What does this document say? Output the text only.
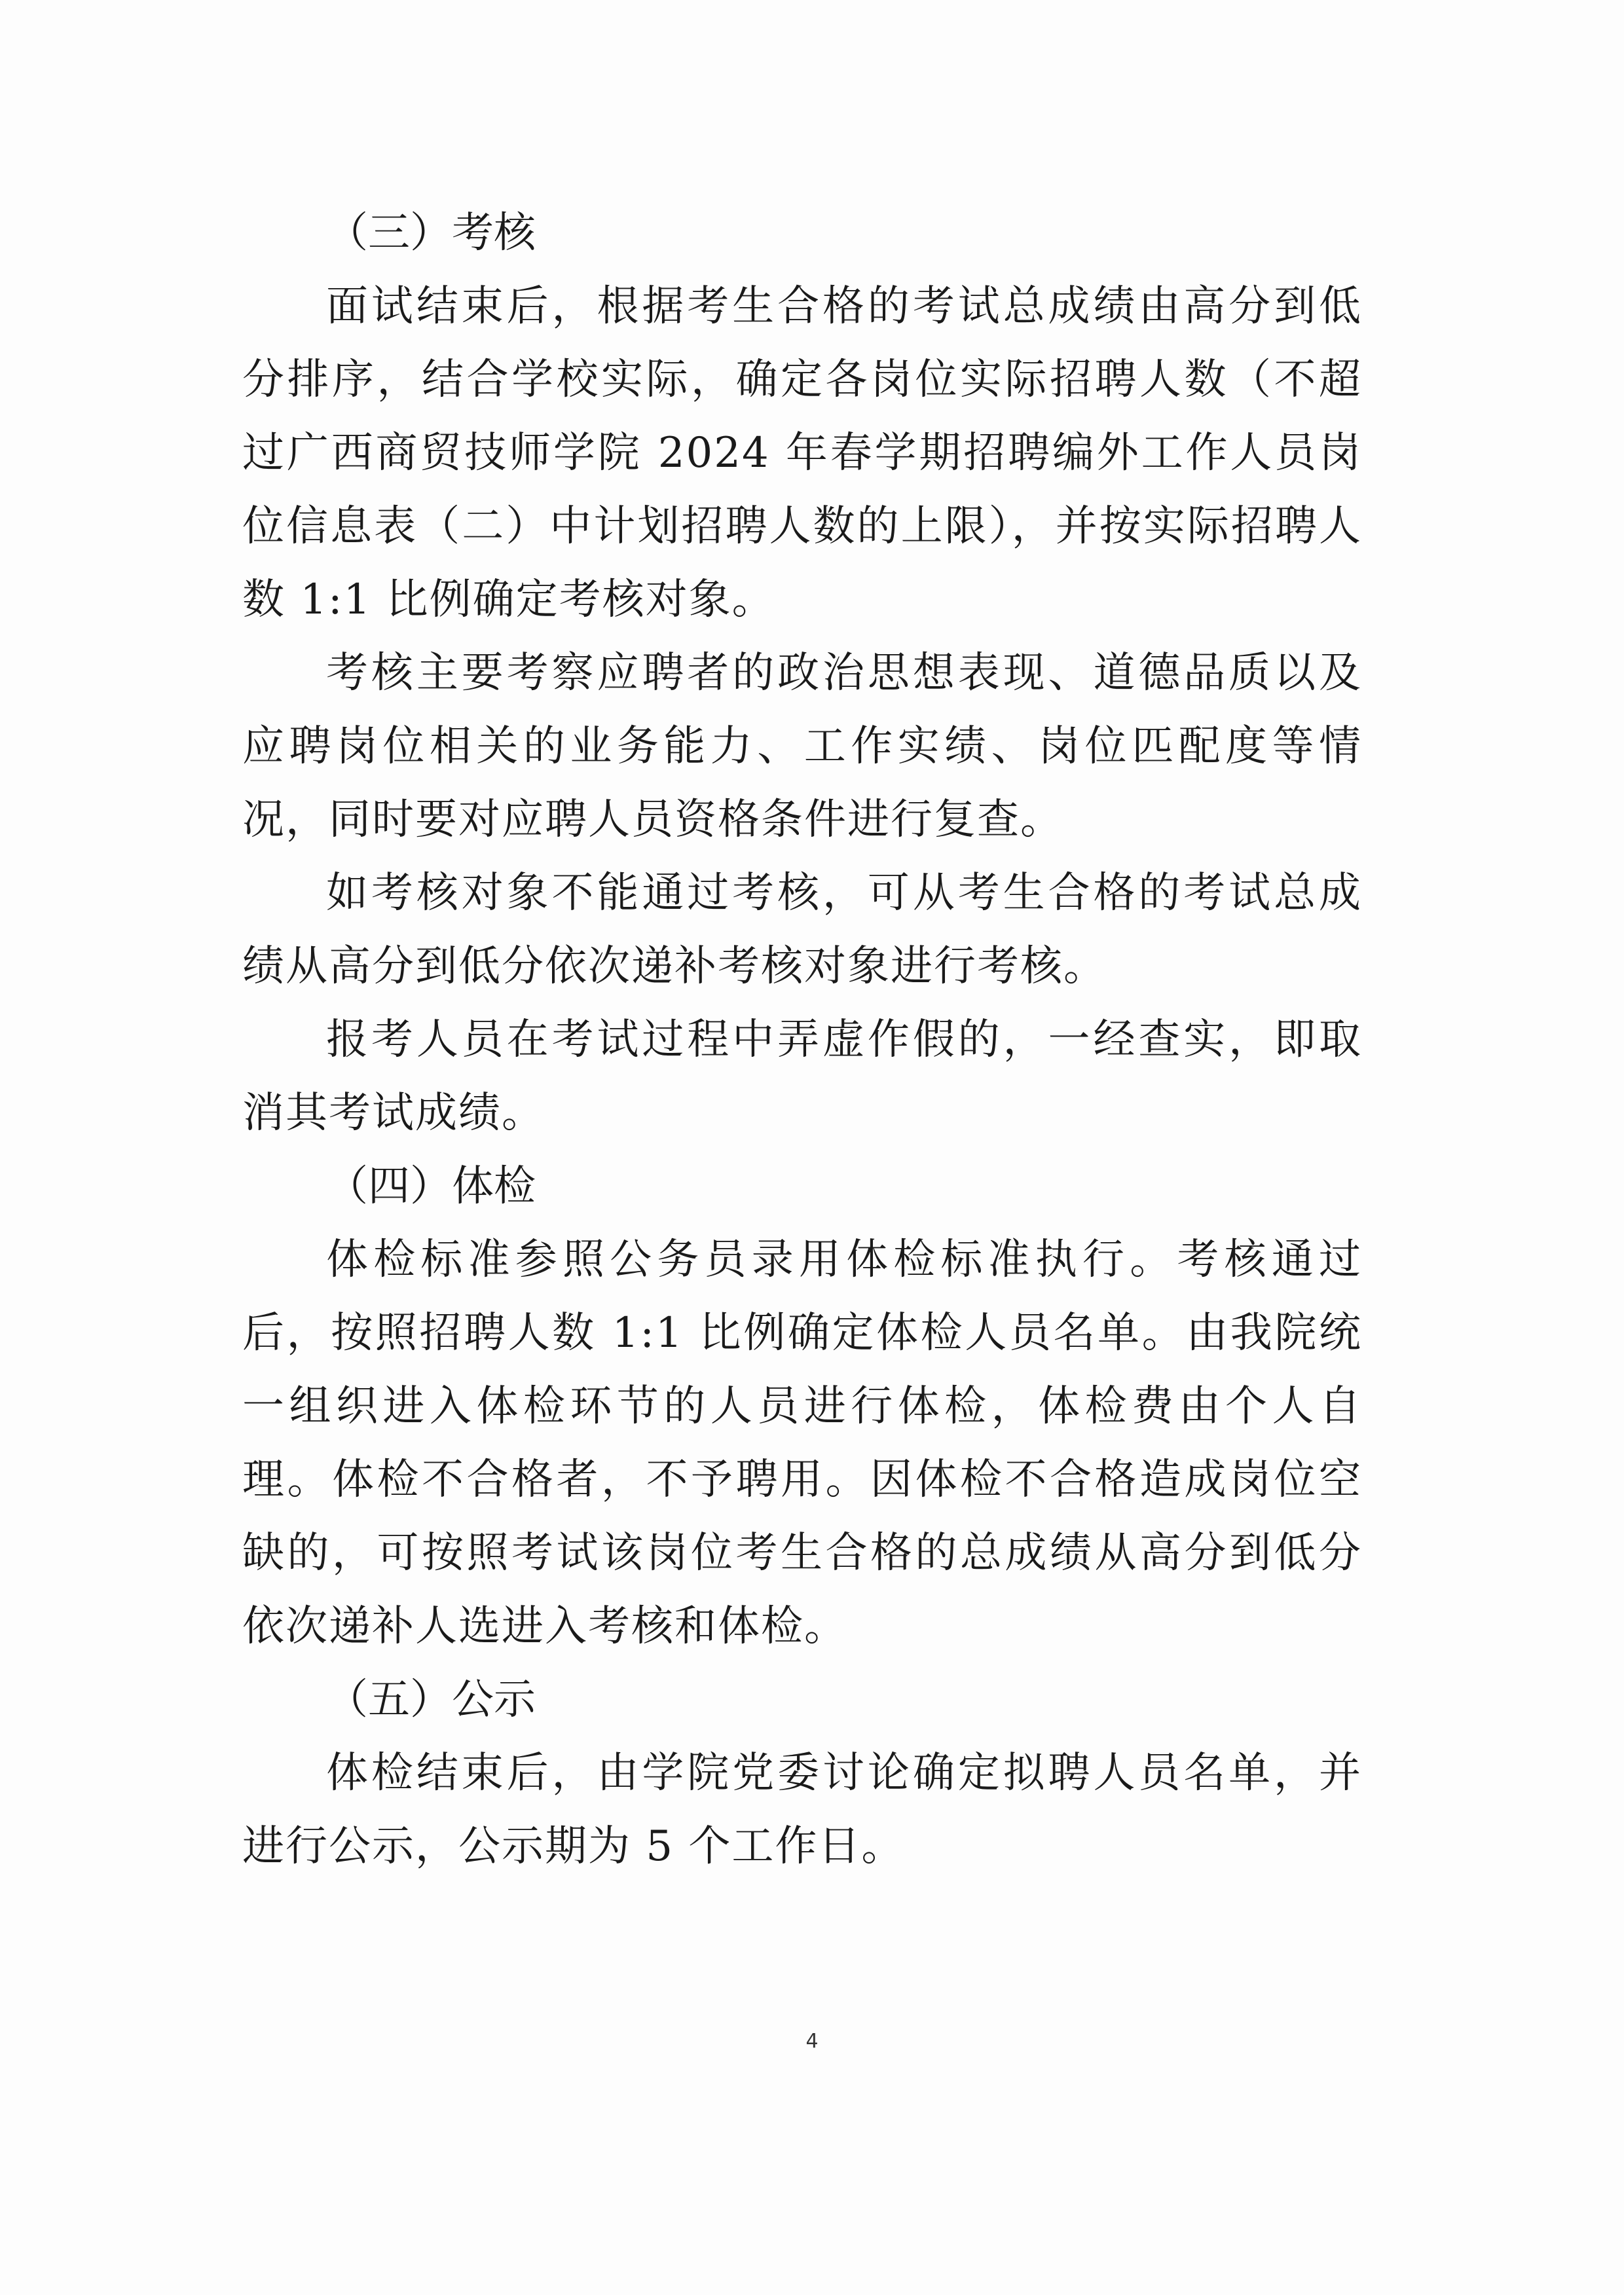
（三）考核

面试结束后，根据考生合格的考试总成绩由高分到低分排序，结合学校实际，确定各岗位实际招聘人数（不超过广西商贸技师学院 2024 年春学期招聘编外工作人员岗位信息表（二）中计划招聘人数的上限），并按实际招聘人数 1:1 比例确定考核对象。

考核主要考察应聘者的政治思想表现、道德品质以及应聘岗位相关的业务能力、工作实绩、岗位匹配度等情况，同时要对应聘人员资格条件进行复查。

如考核对象不能通过考核，可从考生合格的考试总成绩从高分到低分依次递补考核对象进行考核。

报考人员在考试过程中弄虚作假的，一经查实，即取消其考试成绩。

（四）体检

体检标准参照公务员录用体检标准执行。考核通过后，按照招聘人数 1:1 比例确定体检人员名单。由我院统一组织进入体检环节的人员进行体检，体检费由个人自理。体检不合格者，不予聘用。因体检不合格造成岗位空缺的，可按照考试该岗位考生合格的总成绩从高分到低分依次递补人选进入考核和体检。

（五）公示

体检结束后，由学院党委讨论确定拟聘人员名单，并进行公示，公示期为 5 个工作日。

4
